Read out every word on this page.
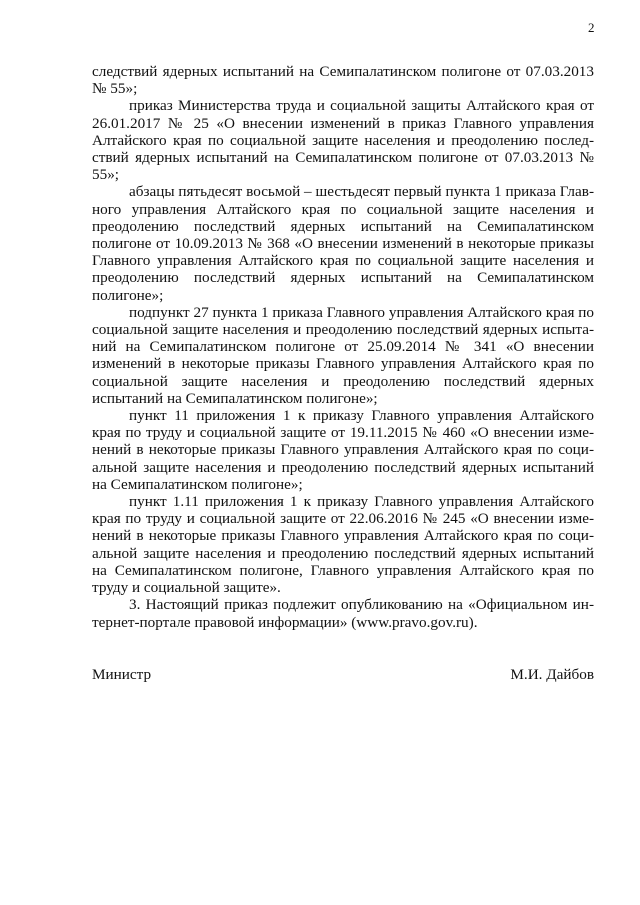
2

следствий ядерных испытаний на Семипалатинском полигоне от 07.03.2013 № 55»;

приказ Министерства труда и социальной защиты Алтайского края от 26.01.2017 № 25 «О внесении изменений в приказ Главного управления Алтайского края по социальной защите населения и преодолению последствий ядерных испытаний на Семипалатинском полигоне от 07.03.2013 № 55»;

абзацы пятьдесят восьмой – шестьдесят первый пункта 1 приказа Главного управления Алтайского края по социальной защите населения и преодолению последствий ядерных испытаний на Семипалатинском полигоне от 10.09.2013 № 368 «О внесении изменений в некоторые приказы Главного управления Алтайского края по социальной защите населения и преодолению последствий ядерных испытаний на Семипалатинском полигоне»;

подпункт 27 пункта 1 приказа Главного управления Алтайского края по социальной защите населения и преодолению последствий ядерных испытаний на Семипалатинском полигоне от 25.09.2014 № 341 «О внесении изменений в некоторые приказы Главного управления Алтайского края по социальной защите населения и преодолению последствий ядерных испытаний на Семипалатинском полигоне»;

пункт 11 приложения 1 к приказу Главного управления Алтайского края по труду и социальной защите от 19.11.2015 № 460 «О внесении изменений в некоторые приказы Главного управления Алтайского края по социальной защите населения и преодолению последствий ядерных испытаний на Семипалатинском полигоне»;

пункт 1.11 приложения 1 к приказу Главного управления Алтайского края по труду и социальной защите от 22.06.2016 № 245 «О внесении изменений в некоторые приказы Главного управления Алтайского края по социальной защите населения и преодолению последствий ядерных испытаний на Семипалатинском полигоне, Главного управления Алтайского края по труду и социальной защите».

3. Настоящий приказ подлежит опубликованию на «Официальном интернет-портале правовой информации» (www.pravo.gov.ru).

Министр	М.И. Дайбов
